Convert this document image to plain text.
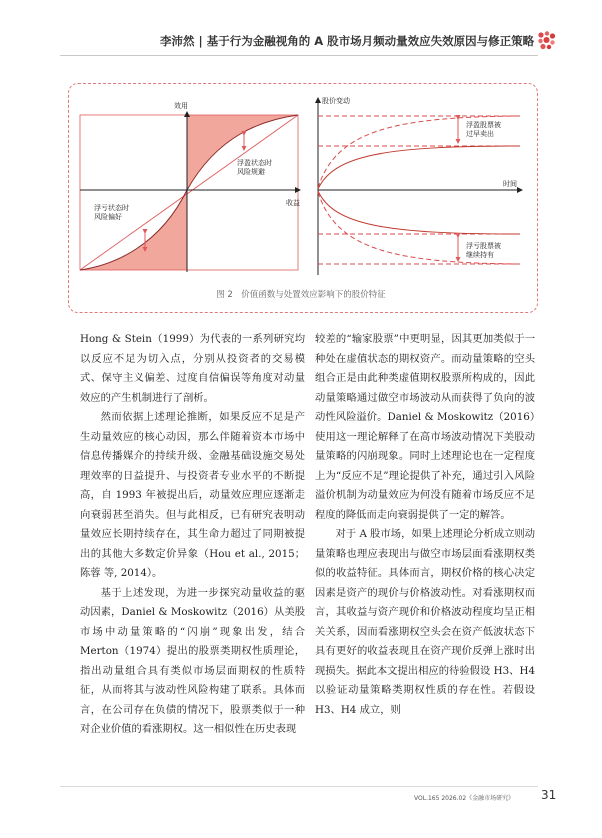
李沛然 | 基于行为金融视角的 A 股市场月频动量效应失效原因与修正策略
效用
收益
浮盈状态时
风险规避
浮亏状态时
风险偏好
股价变动
时间
浮盈股票被
过早卖出
浮亏股票被
继续持有
图 2　价值函数与处置效应影响下的股价特征

Hong & Stein（1999）为代表的一系列研究均以反应不足为切入点，分别从投资者的交易模式、保守主义偏差、过度自信偏误等角度对动量效应的产生机制进行了剖析。

然而依据上述理论推断，如果反应不足是产生动量效应的核心动因，那么伴随着资本市场中信息传播媒介的持续升级、金融基础设施交易处理效率的日益提升、与投资者专业水平的不断提高，自 1993 年被提出后，动量效应理应逐渐走向衰弱甚至消失。但与此相反，已有研究表明动量效应长期持续存在，其生命力超过了同期被提出的其他大多数定价异象（Hou et al., 2015；陈蓉 等, 2014）。

基于上述发现，为进一步探究动量收益的驱动因素，Daniel & Moskowitz（2016）从美股市场中动量策略的“闪崩”现象出发，结合 Merton（1974）提出的股票类期权性质理论，指出动量组合具有类似市场层面期权的性质特征，从而将其与波动性风险构建了联系。具体而言，在公司存在负债的情况下，股票类似于一种对企业价值的看涨期权。这一相似性在历史表现

较差的“输家股票”中更明显，因其更加类似于一种处在虚值状态的期权资产。而动量策略的空头组合正是由此种类虚值期权股票所构成的，因此动量策略通过做空市场波动从而获得了负向的波动性风险溢价。Daniel & Moskowitz（2016）使用这一理论解释了在高市场波动情况下美股动量策略的闪崩现象。同时上述理论也在一定程度上为“反应不足”理论提供了补充，通过引入风险溢价机制为动量效应为何没有随着市场反应不足程度的降低而走向衰弱提供了一定的解答。

对于 A 股市场，如果上述理论分析成立则动量策略也理应表现出与做空市场层面看涨期权类似的收益特征。具体而言，期权价格的核心决定因素是资产的现价与价格波动性。对看涨期权而言，其收益与资产现价和价格波动程度均呈正相关关系，因而看涨期权空头会在资产低波状态下具有更好的收益表现且在资产现价反弹上涨时出现损失。据此本文提出相应的待验假设 H3、H4 以验证动量策略类期权性质的存在性。若假设 H3、H4 成立，则

VOL.165 2026.02《金融市场研究》 31
